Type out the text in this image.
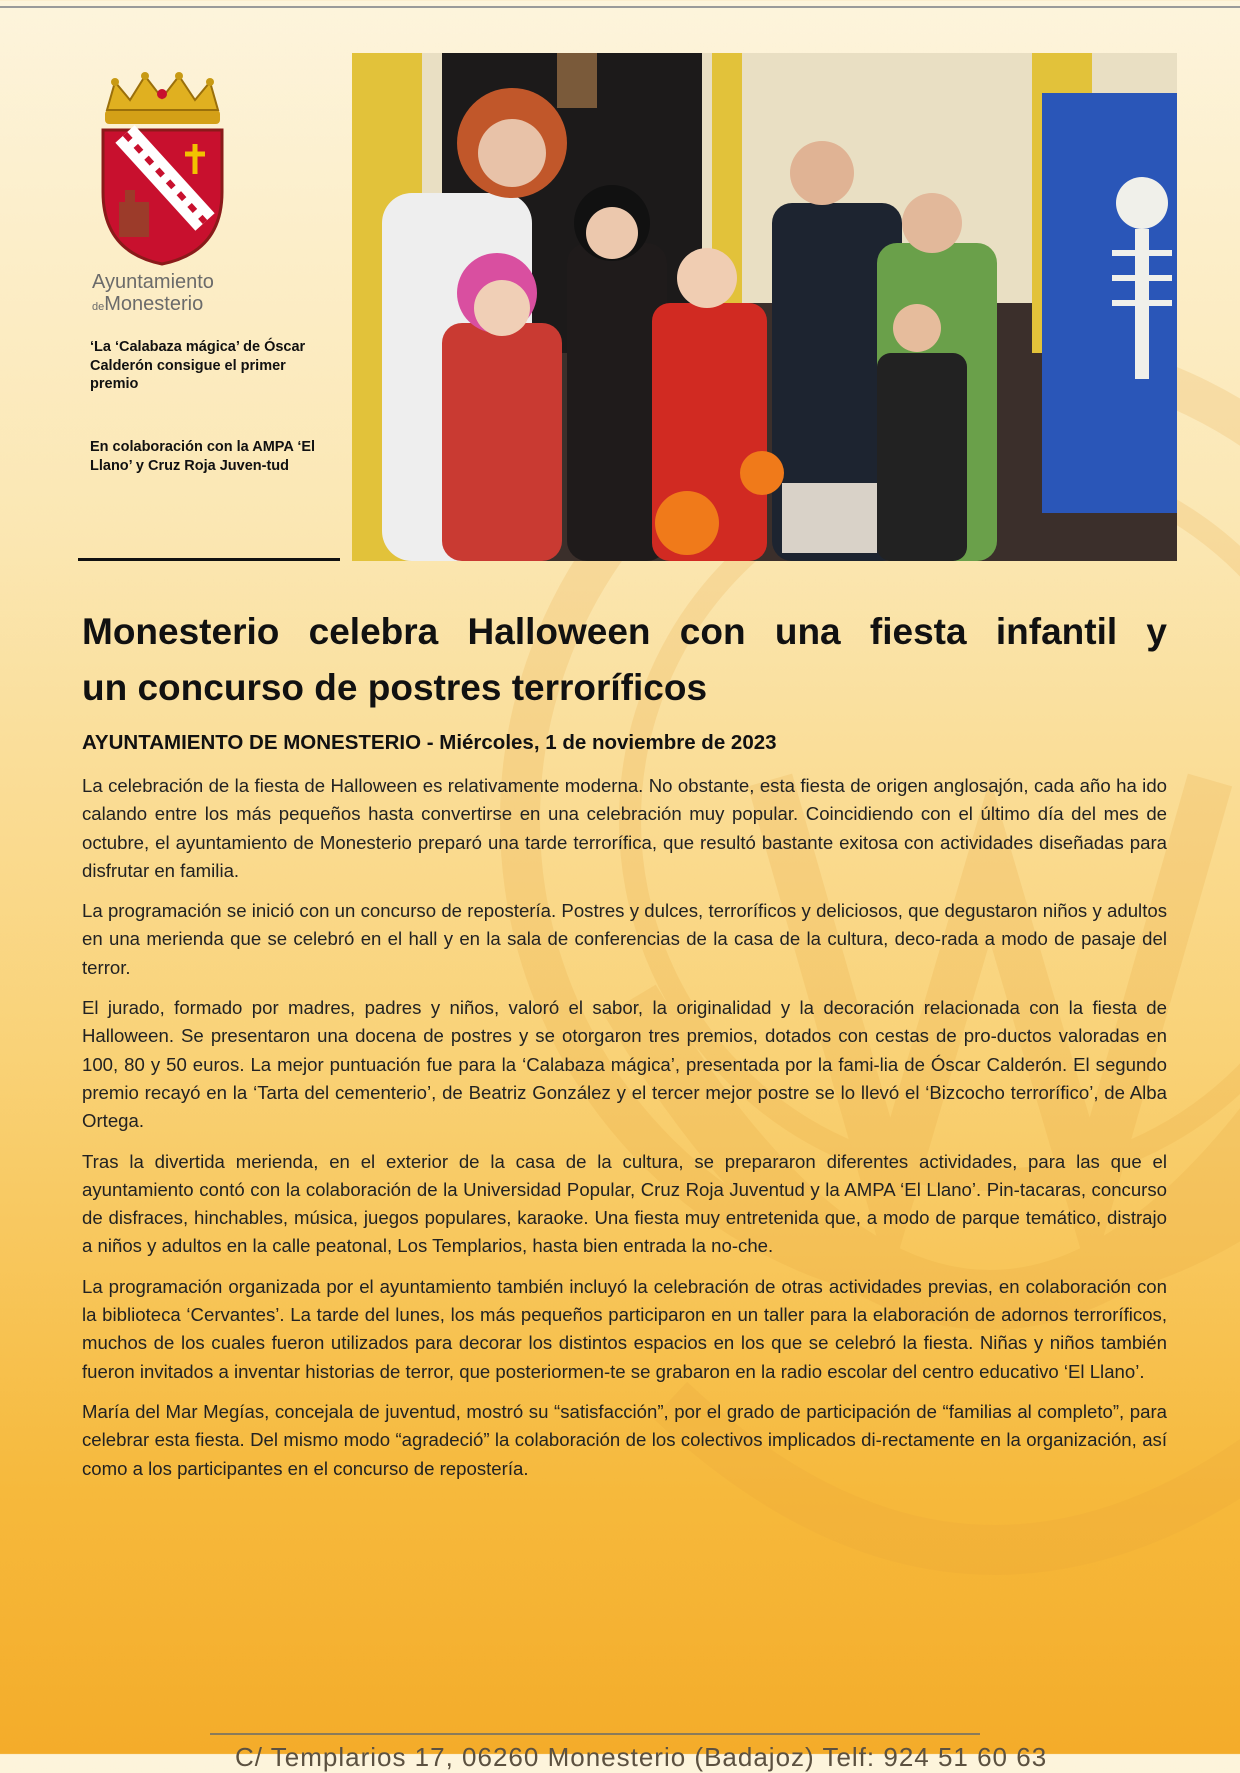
Ayuntamiento
deMonesterio
‘La ‘Calabaza mágica’ de Óscar Calderón consigue el primer premio
En colaboración con la AMPA ‘El Llano’ y Cruz Roja Juven-tud
Monesterio celebra Halloween con una fiesta infantil y
un concurso de postres terroríficos
AYUNTAMIENTO DE MONESTERIO - Miércoles, 1 de noviembre de 2023

La celebración de la fiesta de Halloween es relativamente moderna. No obstante, esta fiesta de origen anglosajón, cada año ha ido calando entre los más pequeños hasta convertirse en una celebración muy popular. Coincidiendo con el último día del mes de octubre, el ayuntamiento de Monesterio preparó una tarde terrorífica, que resultó bastante exitosa con actividades diseñadas para disfrutar en familia.

La programación se inició con un concurso de repostería. Postres y dulces, terroríficos y deliciosos, que degustaron niños y adultos en una merienda que se celebró en el hall y en la sala de conferencias de la casa de la cultura, deco-rada a modo de pasaje del terror.

El jurado, formado por madres, padres y niños, valoró el sabor, la originalidad y la decoración relacionada con la fiesta de Halloween. Se presentaron una docena de postres y se otorgaron tres premios, dotados con cestas de pro-ductos valoradas en 100, 80 y 50 euros. La mejor puntuación fue para la ‘Calabaza mágica’, presentada por la fami-lia de Óscar Calderón. El segundo premio recayó en la ‘Tarta del cementerio’, de Beatriz González y el tercer mejor postre se lo llevó el ‘Bizcocho terrorífico’, de Alba Ortega.

Tras la divertida merienda, en el exterior de la casa de la cultura, se prepararon diferentes actividades, para las que el ayuntamiento contó con la colaboración de la Universidad Popular, Cruz Roja Juventud y la AMPA ‘El Llano’. Pin-tacaras, concurso de disfraces, hinchables, música, juegos populares, karaoke. Una fiesta muy entretenida que, a modo de parque temático, distrajo a niños y adultos en la calle peatonal, Los Templarios, hasta bien entrada la no-che.

La programación organizada por el ayuntamiento también incluyó la celebración de otras actividades previas, en colaboración con la biblioteca ‘Cervantes’. La tarde del lunes, los más pequeños participaron en un taller para la elaboración de adornos terroríficos, muchos de los cuales fueron utilizados para decorar los distintos espacios en los que se celebró la fiesta. Niñas y niños también fueron invitados a inventar historias de terror, que posteriormen-te se grabaron en la radio escolar del centro educativo ‘El Llano’.

María del Mar Megías, concejala de juventud, mostró su “satisfacción”, por el grado de participación de “familias al completo”, para celebrar esta fiesta. Del mismo modo “agradeció” la colaboración de los colectivos implicados di-rectamente en la organización, así como a los participantes en el concurso de repostería.

C/ Templarios 17, 06260 Monesterio (Badajoz) Telf: 924 51 60 63
